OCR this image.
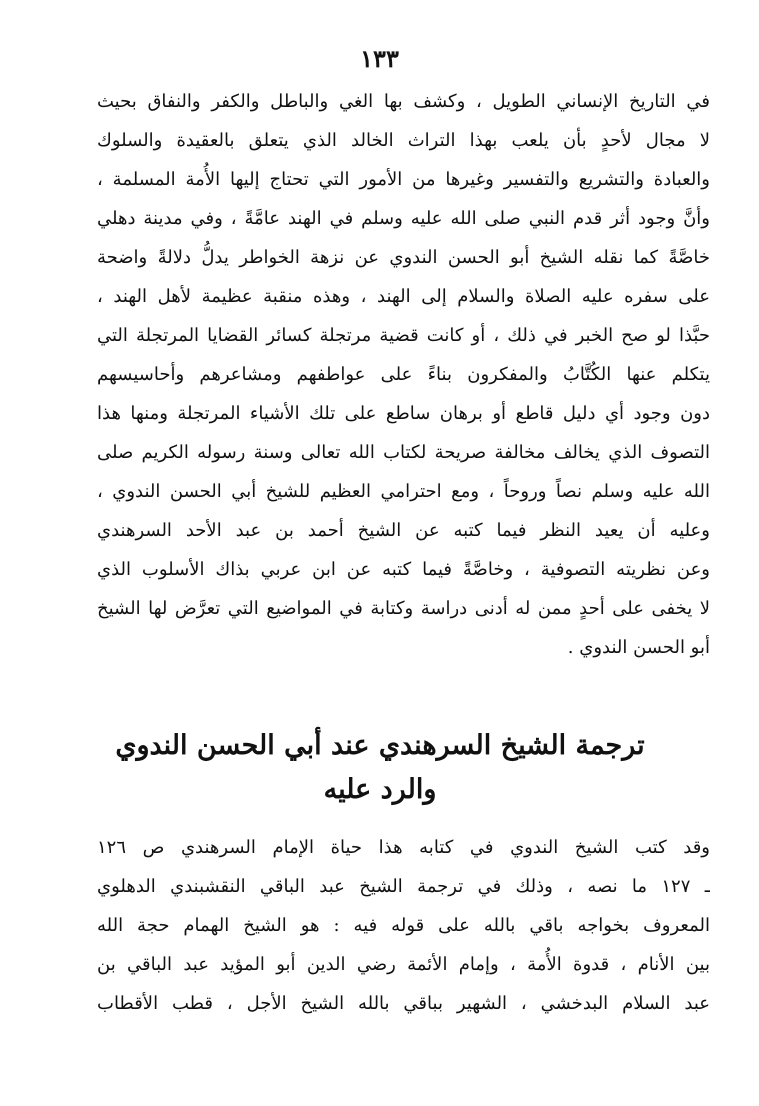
١٣٣
في التاريخ الإنساني الطويل ، وكشف بها الغي والباطل والكفر والنفاق بحيث
لا مجال لأحدٍ بأن يلعب بهذا التراث الخالد الذي يتعلق بالعقيدة والسلوك
والعبادة والتشريع والتفسير وغيرها من الأمور التي تحتاج إليها الأُمة المسلمة ،
وأنَّ وجود أثر قدم النبي صلى الله عليه وسلم في الهند عامَّةً ، وفي مدينة دهلي
خاصَّةً كما نقله الشيخ أبو الحسن الندوي عن نزهة الخواطر يدلُّ دلالةً واضحة
على سفره عليه الصلاة والسلام إلى الهند ، وهذه منقبة عظيمة لأهل الهند ،
حبَّذا لو صح الخبر في ذلك ، أو كانت قضية مرتجلة كسائر القضايا المرتجلة التي
يتكلم عنها الكُتَّابُ والمفكرون بناءً على عواطفهم ومشاعرهم وأحاسيسهم
دون وجود أي دليل قاطع أو برهان ساطع على تلك الأشياء المرتجلة ومنها هذا
التصوف الذي يخالف مخالفة صريحة لكتاب الله تعالى وسنة رسوله الكريم صلى
الله عليه وسلم نصاً وروحاً ، ومع احترامي العظيم للشيخ أبي الحسن الندوي ،
وعليه أن يعيد النظر فيما كتبه عن الشيخ أحمد بن عبد الأحد السرهندي
وعن نظريته التصوفية ، وخاصَّةً فيما كتبه عن ابن عربي بذاك الأسلوب الذي
لا يخفى على أحدٍ ممن له أدنى دراسة وكتابة في المواضيع التي تعرَّض لها الشيخ
أبو الحسن الندوي .
ترجمة الشيخ السرهندي عند أبي الحسن الندوي
والرد عليه
وقد كتب الشيخ الندوي في كتابه هذا حياة الإمام السرهندي ص ١٢٦
ـ ١٢٧ ما نصه ، وذلك في ترجمة الشيخ عبد الباقي النقشبندي الدهلوي
المعروف بخواجه باقي بالله على قوله فيه : هو الشيخ الهمام حجة الله
بين الأنام ، قدوة الأُمة ، وإمام الأئمة رضي الدين أبو المؤيد عبد الباقي بن
عبد السلام البدخشي ، الشهير بباقي بالله الشيخ الأجل ، قطب الأقطاب
